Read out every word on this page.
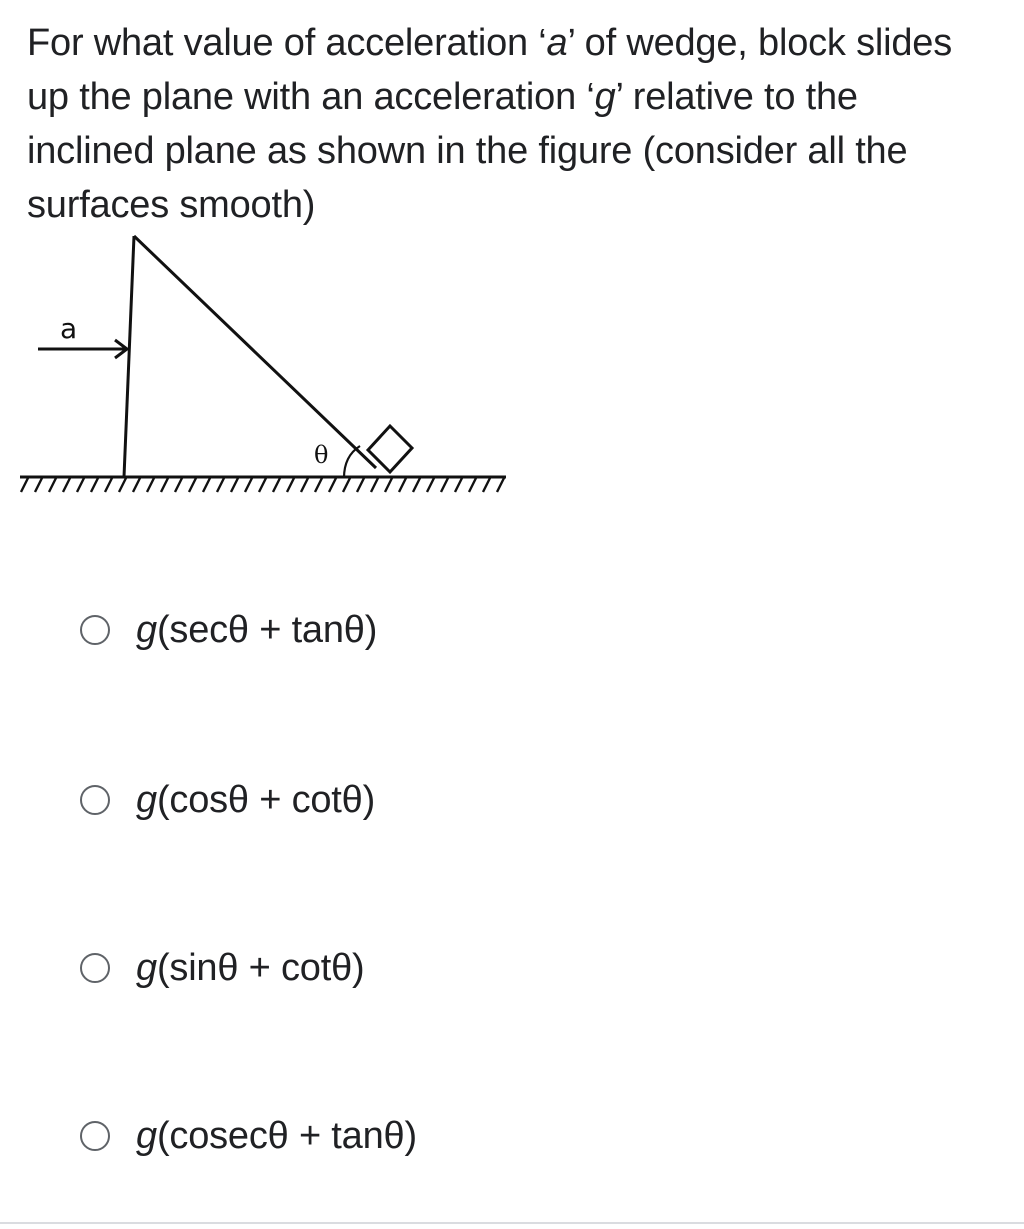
For what value of acceleration ‘a’ of wedge, block slides up the plane with an acceleration ‘g’ relative to the inclined plane as shown in the figure (consider all the surfaces smooth)
θ
a
g(secθ + tanθ)
g(cosθ + cotθ)
g(sinθ + cotθ)
g(cosecθ + tanθ)
